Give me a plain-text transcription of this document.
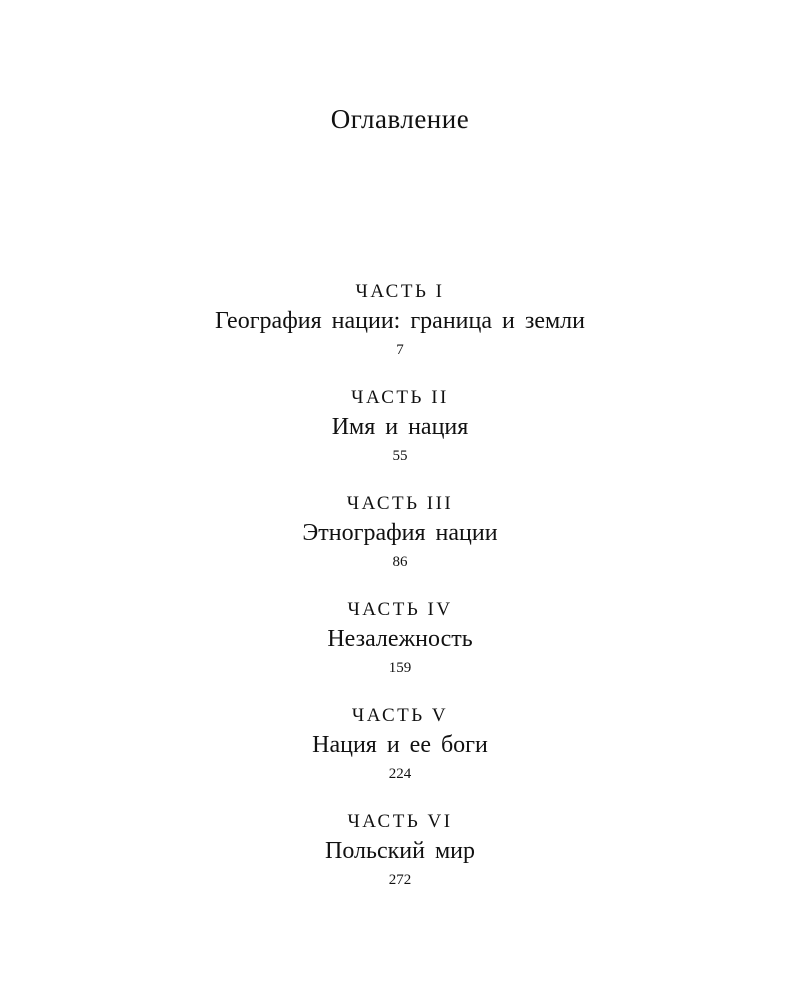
Оглавление
ЧАСТЬ I
География нации: граница и земли
7
ЧАСТЬ II
Имя и нация
55
ЧАСТЬ III
Этнография нации
86
ЧАСТЬ IV
Незалежность
159
ЧАСТЬ V
Нация и ее боги
224
ЧАСТЬ VI
Польский мир
272
